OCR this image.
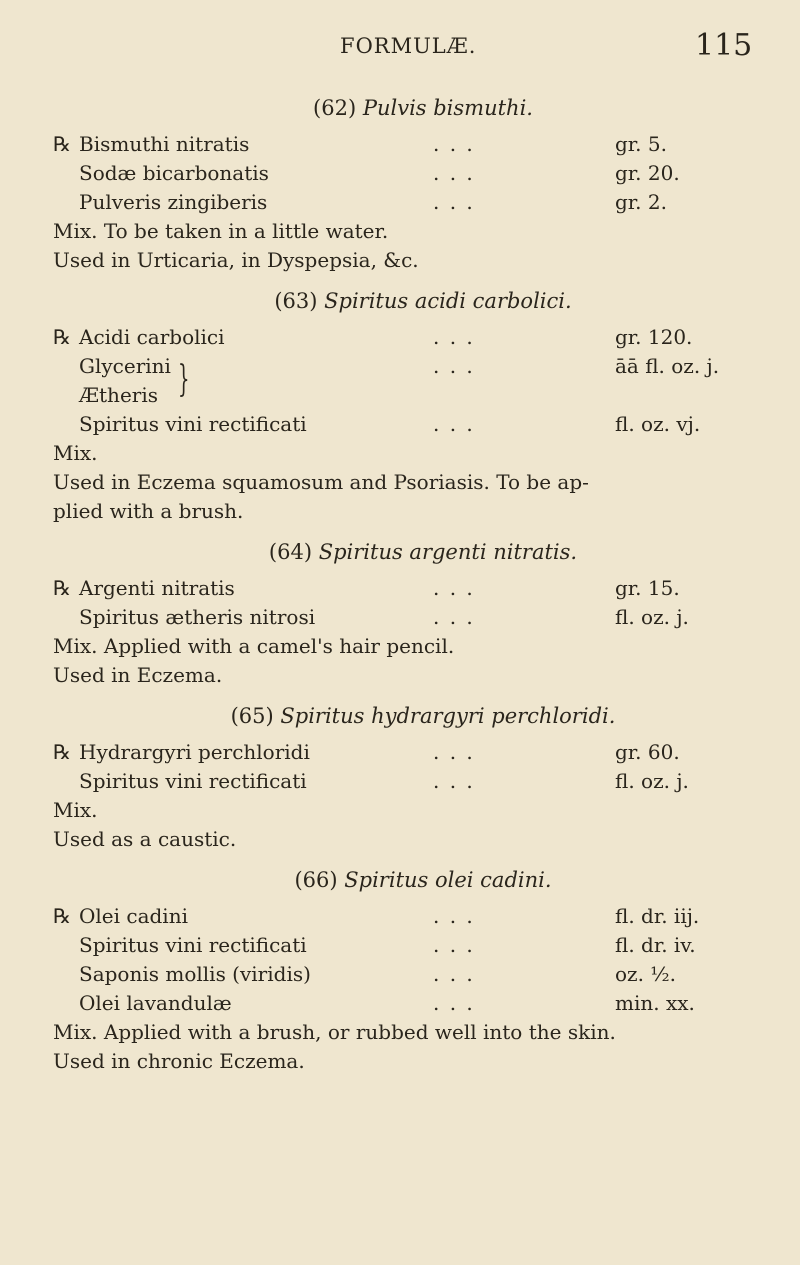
FORMULÆ.	115
(62) Pulvis bismuthi.
℞ Bismuthi nitratis	. . .	gr. 5.
Sodæ bicarbonatis	. . .	gr. 20.
Pulveris zingiberis	. . .	gr. 2.
Mix. To be taken in a little water.
Used in Urticaria, in Dyspepsia, &c.
(63) Spiritus acidi carbolici.
℞ Acidi carbolici	. . .	gr. 120.
Glycerini	. . .	āā fl. oz. j.
Ætheris }
Spiritus vini rectificati	. . .	fl. oz. vj.
Mix.
Used in Eczema squamosum and Psoriasis. To be ap-
plied with a brush.
(64) Spiritus argenti nitratis.
℞ Argenti nitratis	. . .	gr. 15.
Spiritus ætheris nitrosi	. . .	fl. oz. j.
Mix. Applied with a camel's hair pencil.
Used in Eczema.
(65) Spiritus hydrargyri perchloridi.
℞ Hydrargyri perchloridi	. . .	gr. 60.
Spiritus vini rectificati	. . .	fl. oz. j.
Mix.
Used as a caustic.
(66) Spiritus olei cadini.
℞ Olei cadini	. . .	fl. dr. iij.
Spiritus vini rectificati	. . .	fl. dr. iv.
Saponis mollis (viridis)	. . .	oz. ½.
Olei lavandulæ	. . .	min. xx.
Mix. Applied with a brush, or rubbed well into the skin.
Used in chronic Eczema.
